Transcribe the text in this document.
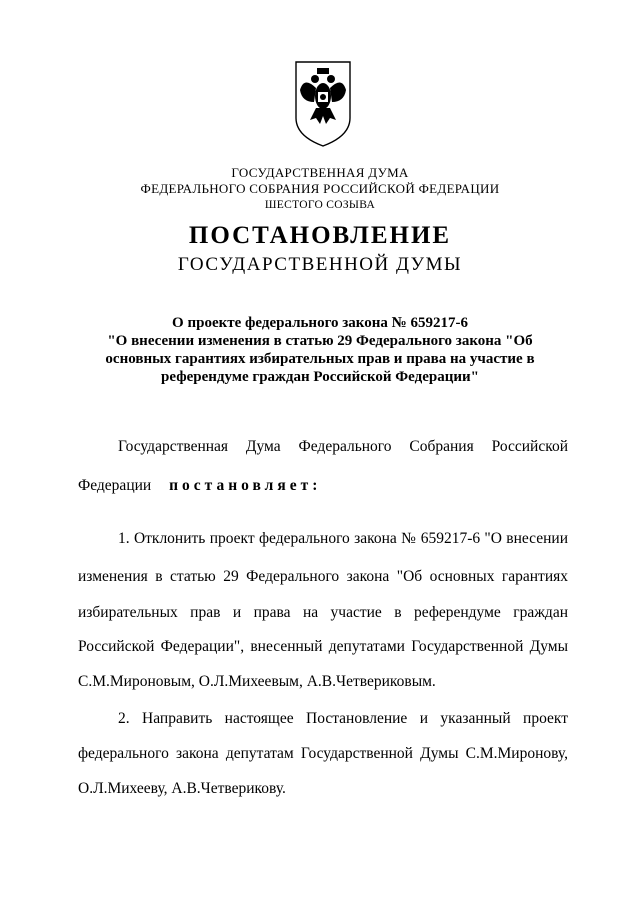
ГОСУДАРСТВЕННАЯ ДУМА
ФЕДЕРАЛЬНОГО СОБРАНИЯ РОССИЙСКОЙ ФЕДЕРАЦИИ
ШЕСТОГО СОЗЫВА
ПОСТАНОВЛЕНИЕ
ГОСУДАРСТВЕННОЙ ДУМЫ
О проекте федерального закона № 659217-6
"О внесении изменения в статью 29 Федерального закона "Об
основных гарантиях избирательных прав и права на участие в
референдуме граждан Российской Федерации"
Государственная Дума Федерального Собрания Российской
Федерации постановляет:
1. Отклонить проект федерального закона № 659217-6 "О внесении
изменения в статью 29 Федерального закона "Об основных гарантиях
избирательных прав и права на участие в референдуме граждан
Российской Федерации", внесенный депутатами Государственной Думы
С.М.Мироновым, О.Л.Михеевым, А.В.Четвериковым.
2. Направить настоящее Постановление и указанный проект
федерального закона депутатам Государственной Думы С.М.Миронову,
О.Л.Михееву, А.В.Четверикову.
